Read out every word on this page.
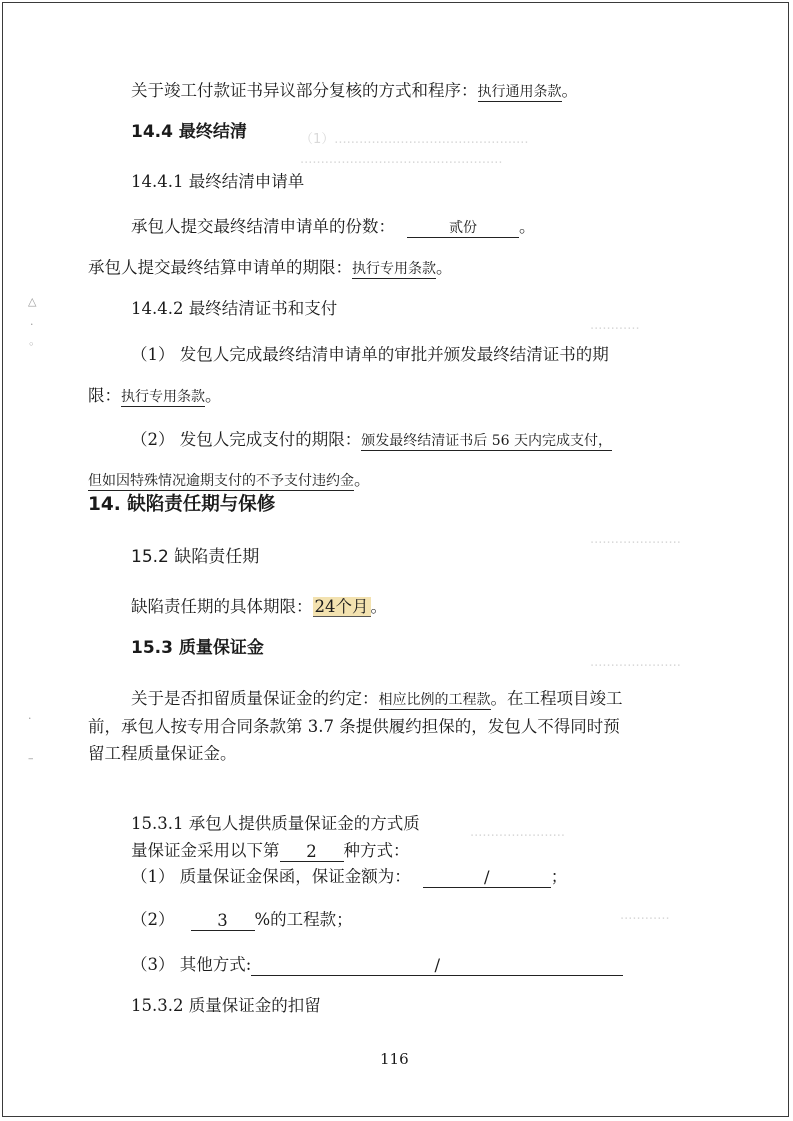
（1）...............................................
.................................................
............
......................
......................
.......................
............
△
·
◦
·
–
关于竣工付款证书异议部分复核的方式和程序：执行通用条款。
14.4 最终结清
14.4.1 最终结清申请单
承包人提交最终结清申请单的份数：	贰份	。
承包人提交最终结算申请单的期限：执行专用条款。
14.4.2 最终结清证书和支付
（1） 发包人完成最终结清申请单的审批并颁发最终结清证书的期
限：执行专用条款。
（2） 发包人完成支付的期限：颁发最终结清证书后 56 天内完成支付，
但如因特殊情况逾期支付的不予支付违约金。
14. 缺陷责任期与保修
15.2 缺陷责任期
缺陷责任期的具体期限： 24个月 。
15.3 质量保证金
关于是否扣留质量保证金的约定：相应比例的工程款。在工程项目竣工
前，承包人按专用合同条款第 3.7 条提供履约担保的，发包人不得同时预
留工程质量保证金。
15.3.1 承包人提供质量保证金的方式质
量保证金采用以下第 2 种方式：
（1） 质量保证金保函，保证金额为：	/	；
（2）	3 %的工程款；
（3） 其他方式:	/
15.3.2 质量保证金的扣留
116
